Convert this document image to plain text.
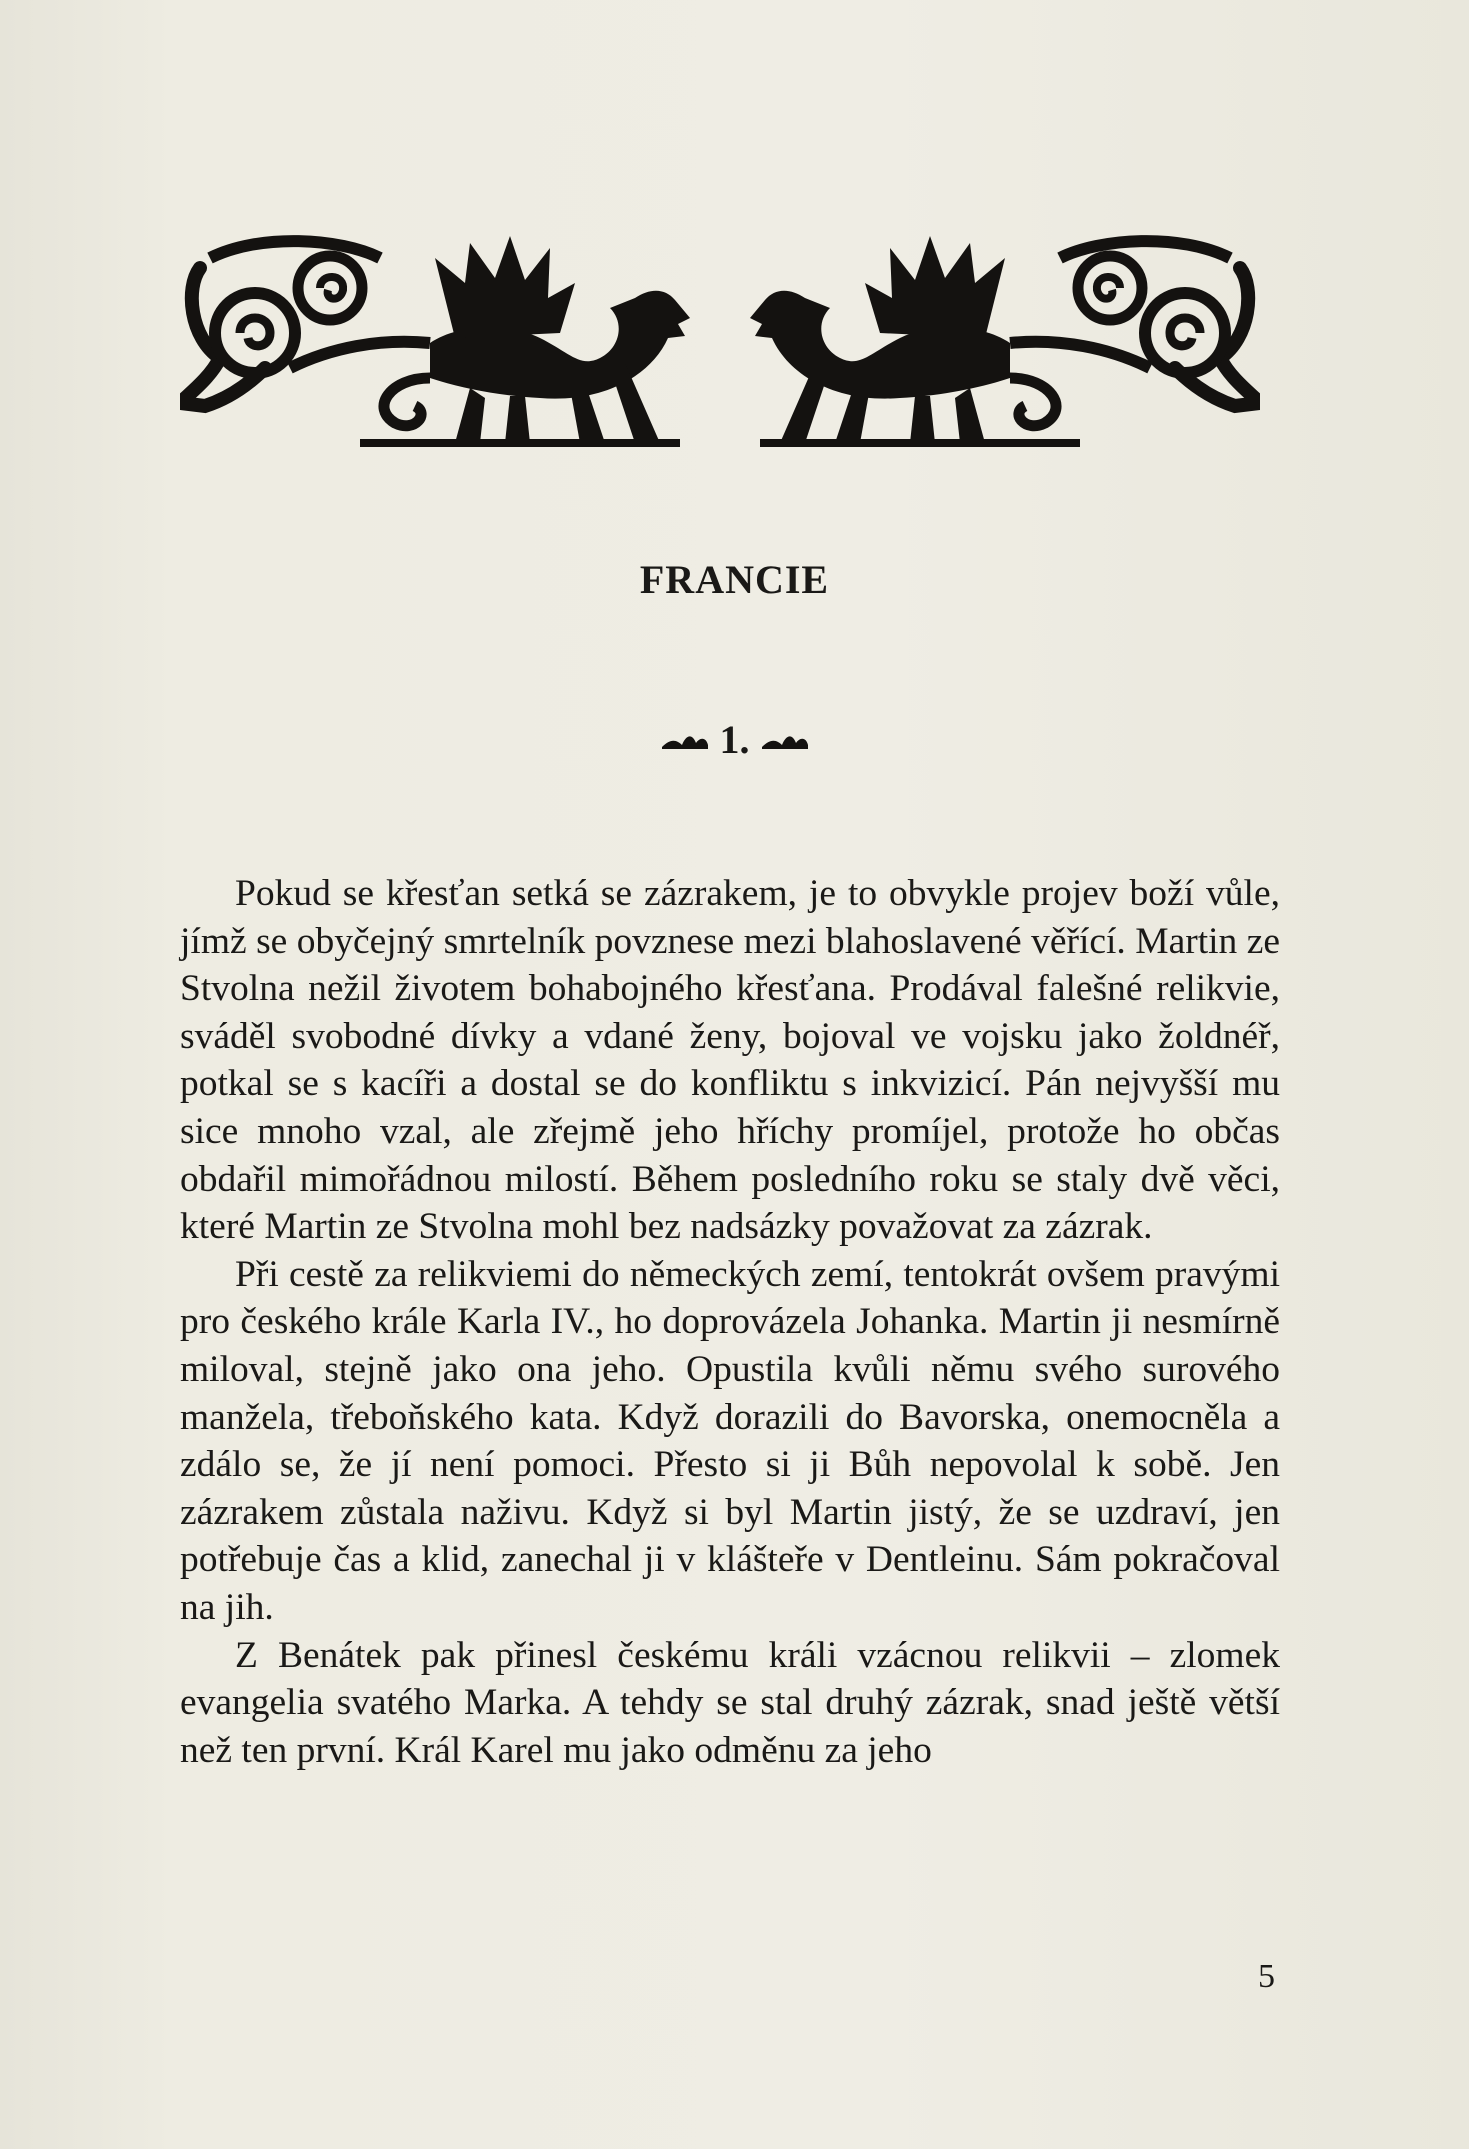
FRANCIE
1.

Pokud se křesťan setká se zázrakem, je to obvykle projev boží vůle, jímž se obyčejný smrtelník povznese mezi blahoslavené věřící. Martin ze Stvolna nežil životem bohabojného křesťana. Prodával falešné relikvie, sváděl svobodné dívky a vdané ženy, bojoval ve vojsku jako žoldnéř, potkal se s kacíři a dostal se do konfliktu s inkvizicí. Pán nejvyšší mu sice mnoho vzal, ale zřejmě jeho hříchy promíjel, protože ho občas obdařil mimořádnou milostí. Během posledního roku se staly dvě věci, které Martin ze Stvolna mohl bez nadsázky považovat za zázrak.

Při cestě za relikviemi do německých zemí, tentokrát ovšem pravými pro českého krále Karla IV., ho doprovázela Johanka. Martin ji nesmírně miloval, stejně jako ona jeho. Opustila kvůli němu svého surového manžela, třeboňského kata. Když dorazili do Bavorska, onemocněla a zdálo se, že jí není pomoci. Přesto si ji Bůh nepovolal k sobě. Jen zázrakem zůstala naživu. Když si byl Martin jistý, že se uzdraví, jen potřebuje čas a klid, zanechal ji v klášteře v Dentleinu. Sám pokračoval na jih.

Z Benátek pak přinesl českému králi vzácnou relikvii – zlomek evangelia svatého Marka. A tehdy se stal druhý zázrak, snad ještě větší než ten první. Král Karel mu jako odměnu za jeho

5
